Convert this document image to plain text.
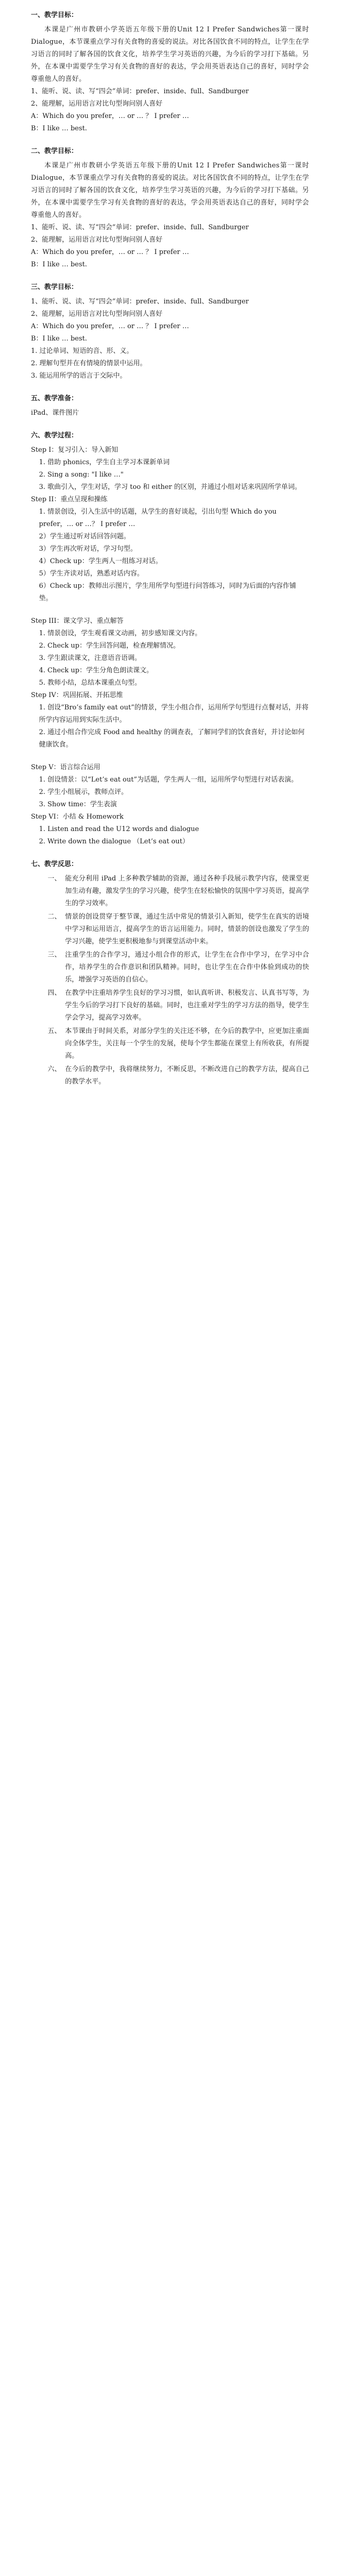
一、教学目标：

本课是广州市教研小学英语五年级下册的Unit 12 I Prefer Sandwiches第一课时Dialogue，本节课重点学习有关食物的喜爱的说法。对比各国饮食不同的特点，让学生在学习语言的同时了解各国的饮食文化，培养学生学习英语的兴趣，为今后的学习打下基础。另外，在本课中需要学生学习有关食物的喜好的表达，学会用英语表达自己的喜好，同时学会尊重他人的喜好。

1、能听、说、读、写“四会”单词：prefer、inside、full、Sandburger

2、能理解，运用语言对比句型询问别人喜好

A：Which do you prefer，… or … ？ I prefer …

B：I like … best.

二、教学目标：

本课是广州市教研小学英语五年级下册的Unit 12 I Prefer Sandwiches第一课时Dialogue，本节课重点学习有关食物的喜爱的说法。对比各国饮食不同的特点，让学生在学习语言的同时了解各国的饮食文化，培养学生学习英语的兴趣，为今后的学习打下基础。另外，在本课中需要学生学习有关食物的喜好的表达，学会用英语表达自己的喜好，同时学会尊重他人的喜好。

1、能听、说、读、写“四会”单词：prefer、inside、full、Sandburger

2、能理解，运用语言对比句型询问别人喜好

A：Which do you prefer，… or … ？ I prefer …

B：I like … best.

三、教学目标：

1、能听、说、读、写“四会”单词：prefer、inside、full、Sandburger

2、能理解，运用语言对比句型询问别人喜好

A：Which do you prefer，… or … ？ I prefer …

B：I like … best.

1. 过论单词、短语的音、形、义。

2. 理解句型并在有情境的情景中运用。

3. 能运用所学的语言于交际中。

五、教学准备：

iPad、课件图片

六、教学过程：

Step I：复习引入：导入新知

1. 借助 phonics，学生自主学习本课新单词

2. Sing a song: "I like …"

3. 歌曲引入，学生对话，学习 too 和 either 的区别，并通过小组对话来巩固所学单词。

Step II：重点呈现和操练

1. 情景创设，引入生活中的话题，从学生的喜好谈起，引出句型 Which do you prefer，… or …？ I prefer …

2）学生通过听对话回答问题。

3）学生再次听对话，学习句型。

4）Check up：学生两人一组练习对话。

5）学生齐读对话，熟悉对话内容。

6）Check up：教师出示图片，学生用所学句型进行问答练习，同时为后面的内容作铺垫。

Step III：课文学习、重点解答

1. 情景创设，学生观看课文动画，初步感知课文内容。

2. Check up：学生回答问题，检查理解情况。

3. 学生跟读课文，注意语音语调。

4. Check up：学生分角色朗读课文。

5. 教师小结，总结本课重点句型。

Step IV：巩固拓展、开拓思维

1. 创设“Bro’s family eat out”的情景，学生小组合作，运用所学句型进行点餐对话，并将所学内容运用到实际生活中。

2. 通过小组合作完成 Food and healthy 的调查表，了解同学们的饮食喜好，并讨论如何健康饮食。

Step V：语言综合运用

1. 创设情景：以“Let’s eat out”为话题，学生两人一组，运用所学句型进行对话表演。

2. 学生小组展示，教师点评。

3. Show time：学生表演

Step VI：小结 & Homework

1. Listen and read the U12 words and dialogue

2. Write down the dialogue （Let’s eat out）

七、教学反思：

一、 能充分利用 iPad 上多种教学辅助的资源，通过各种手段展示教学内容，使课堂更加生动有趣，激发学生的学习兴趣，使学生在轻松愉快的氛围中学习英语，提高学生的学习效率。
二、 情景的创设贯穿于整节课，通过生活中常见的情景引入新知，使学生在真实的语境中学习和运用语言，提高学生的语言运用能力。同时，情景的创设也激发了学生的学习兴趣，使学生更积极地参与到课堂活动中来。
三、 注重学生的合作学习，通过小组合作的形式，让学生在合作中学习，在学习中合作，培养学生的合作意识和团队精神。同时，也让学生在合作中体验到成功的快乐，增强学习英语的自信心。
四、 在教学中注重培养学生良好的学习习惯，如认真听讲、积极发言、认真书写等，为学生今后的学习打下良好的基础。同时，也注重对学生的学习方法的指导，使学生学会学习，提高学习效率。
五、 本节课由于时间关系，对部分学生的关注还不够，在今后的教学中，应更加注重面向全体学生，关注每一个学生的发展，使每个学生都能在课堂上有所收获，有所提高。
六、 在今后的教学中，我将继续努力，不断反思，不断改进自己的教学方法，提高自己的教学水平。
